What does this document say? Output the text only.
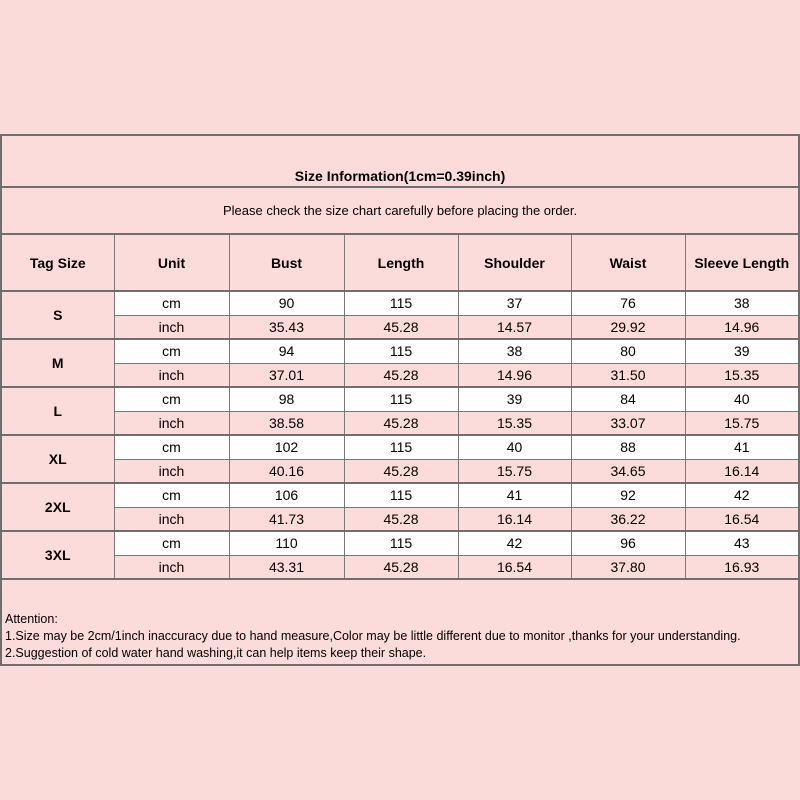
Size Information(1cm=0.39inch)						
Please check the size chart carefully before placing the order.						
Tag Size	Unit	Bust	Length	Shoulder	Waist	Sleeve Length
S	cm	90	115	37	76	38
	inch	35.43	45.28	14.57	29.92	14.96
M	cm	94	115	38	80	39
	inch	37.01	45.28	14.96	31.50	15.35
L	cm	98	115	39	84	40
	inch	38.58	45.28	15.35	33.07	15.75
XL	cm	102	115	40	88	41
	inch	40.16	45.28	15.75	34.65	16.14
2XL	cm	106	115	41	92	42
	inch	41.73	45.28	16.14	36.22	16.54
3XL	cm	110	115	42	96	43
	inch	43.31	45.28	16.54	37.80	16.93

Attention:
1.Size may be 2cm/1inch inaccuracy due to hand measure,Color may be little different due to monitor ,thanks for your understanding.
2.Suggestion of cold water hand washing,it can help items keep their shape.						
